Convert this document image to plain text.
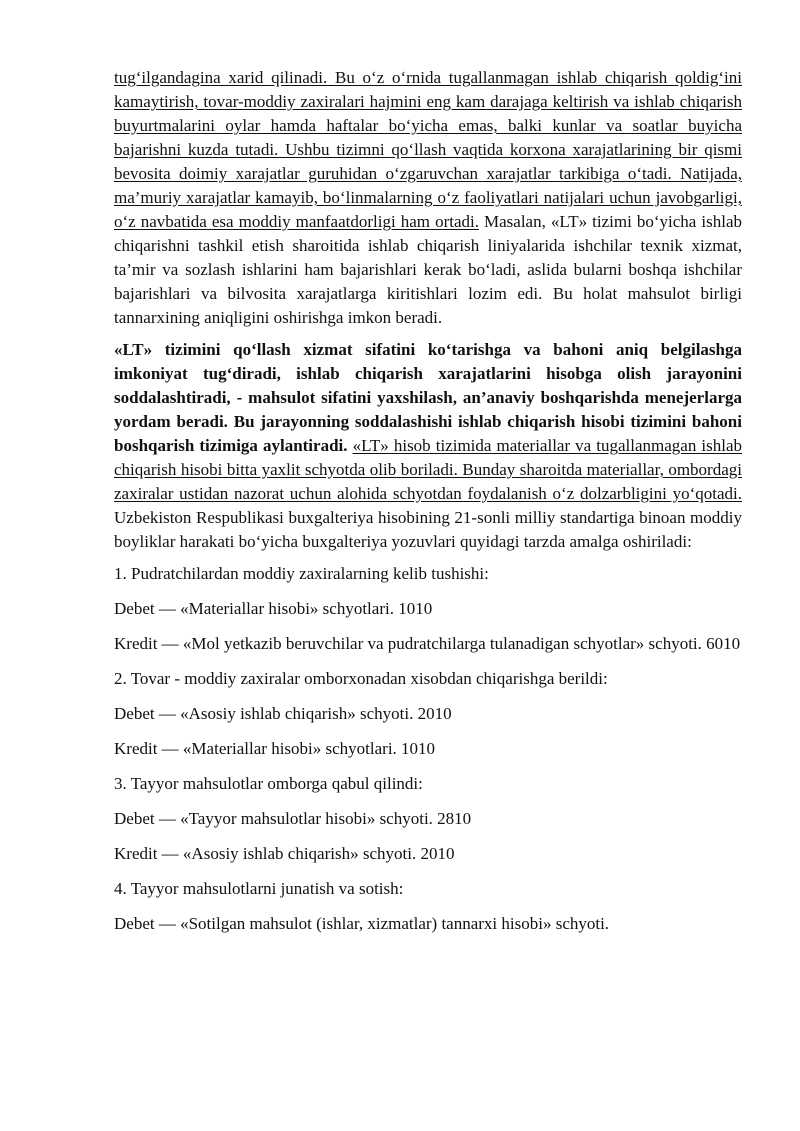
tug‘ilgandagina xarid qilinadi. Bu o‘z o‘rnida tugallanmagan ishlab chiqarish qoldig‘ini kamaytirish, tovar-moddiy zaxiralari hajmini eng kam darajaga keltirish va ishlab chiqarish buyurtmalarini oylar hamda haftalar bo‘yicha emas, balki kunlar va soatlar buyicha bajarishni kuzda tutadi. Ushbu tizimni qo‘llash vaqtida korxona xarajatlarining bir qismi bevosita doimiy xarajatlar guruhidan o‘zgaruvchan xarajatlar tarkibiga o‘tadi. Natijada, ma’muriy xarajatlar kamayib, bo‘linmalarning o‘z faoliyatlari natijalari uchun javobgarligi, o‘z navbatida esa moddiy manfaatdorligi ham ortadi. Masalan, «LT» tizimi bo‘yicha ishlab chiqarishni tashkil etish sharoitida ishlab chiqarish liniyalarida ishchilar texnik xizmat, ta’mir va sozlash ishlarini ham bajarishlari kerak bo‘ladi, aslida bularni boshqa ishchilar bajarishlari va bilvosita xarajatlarga kiritishlari lozim edi. Bu holat mahsulot birligi tannarxining aniqligini oshirishga imkon beradi.

«LT» tizimini qo‘llash xizmat sifatini ko‘tarishga va bahoni aniq belgilashga imkoniyat tug‘diradi, ishlab chiqarish xarajatlarini hisobga olish jarayonini soddalashtiradi, - mahsulot sifatini yaxshilash, an’anaviy boshqarishda menejerlarga yordam beradi. Bu jarayonning soddalashishi ishlab chiqarish hisobi tizimini bahoni boshqarish tizimiga aylantiradi. «LT» hisob tizimida materiallar va tugallanmagan ishlab chiqarish hisobi bitta yaxlit schyotda olib boriladi. Bunday sharoitda materiallar, ombordagi zaxiralar ustidan nazorat uchun alohida schyotdan foydalanish o‘z dolzarbligini yo‘qotadi. Uzbekiston Respublikasi buxgalteriya hisobining 21-sonli milliy standartiga binoan moddiy boyliklar harakati bo‘yicha buxgalteriya yozuvlari quyidagi tarzda amalga oshiriladi:

1. Pudratchilardan moddiy zaxiralarning kelib tushishi:

Debet — «Materiallar hisobi» schyotlari. 1010

Kredit — «Mol yetkazib beruvchilar va pudratchilarga tulanadigan schyotlar» schyoti. 6010

2. Tovar - moddiy zaxiralar omborxonadan xisobdan chiqarishga berildi:

Debet — «Asosiy ishlab chiqarish» schyoti. 2010

Kredit — «Materiallar hisobi» schyotlari. 1010

3. Tayyor mahsulotlar omborga qabul qilindi:

Debet — «Tayyor mahsulotlar hisobi» schyoti. 2810

Kredit — «Asosiy ishlab chiqarish» schyoti. 2010

4. Tayyor mahsulotlarni junatish va sotish:

Debet — «Sotilgan mahsulot (ishlar, xizmatlar) tannarxi hisobi» schyoti.
